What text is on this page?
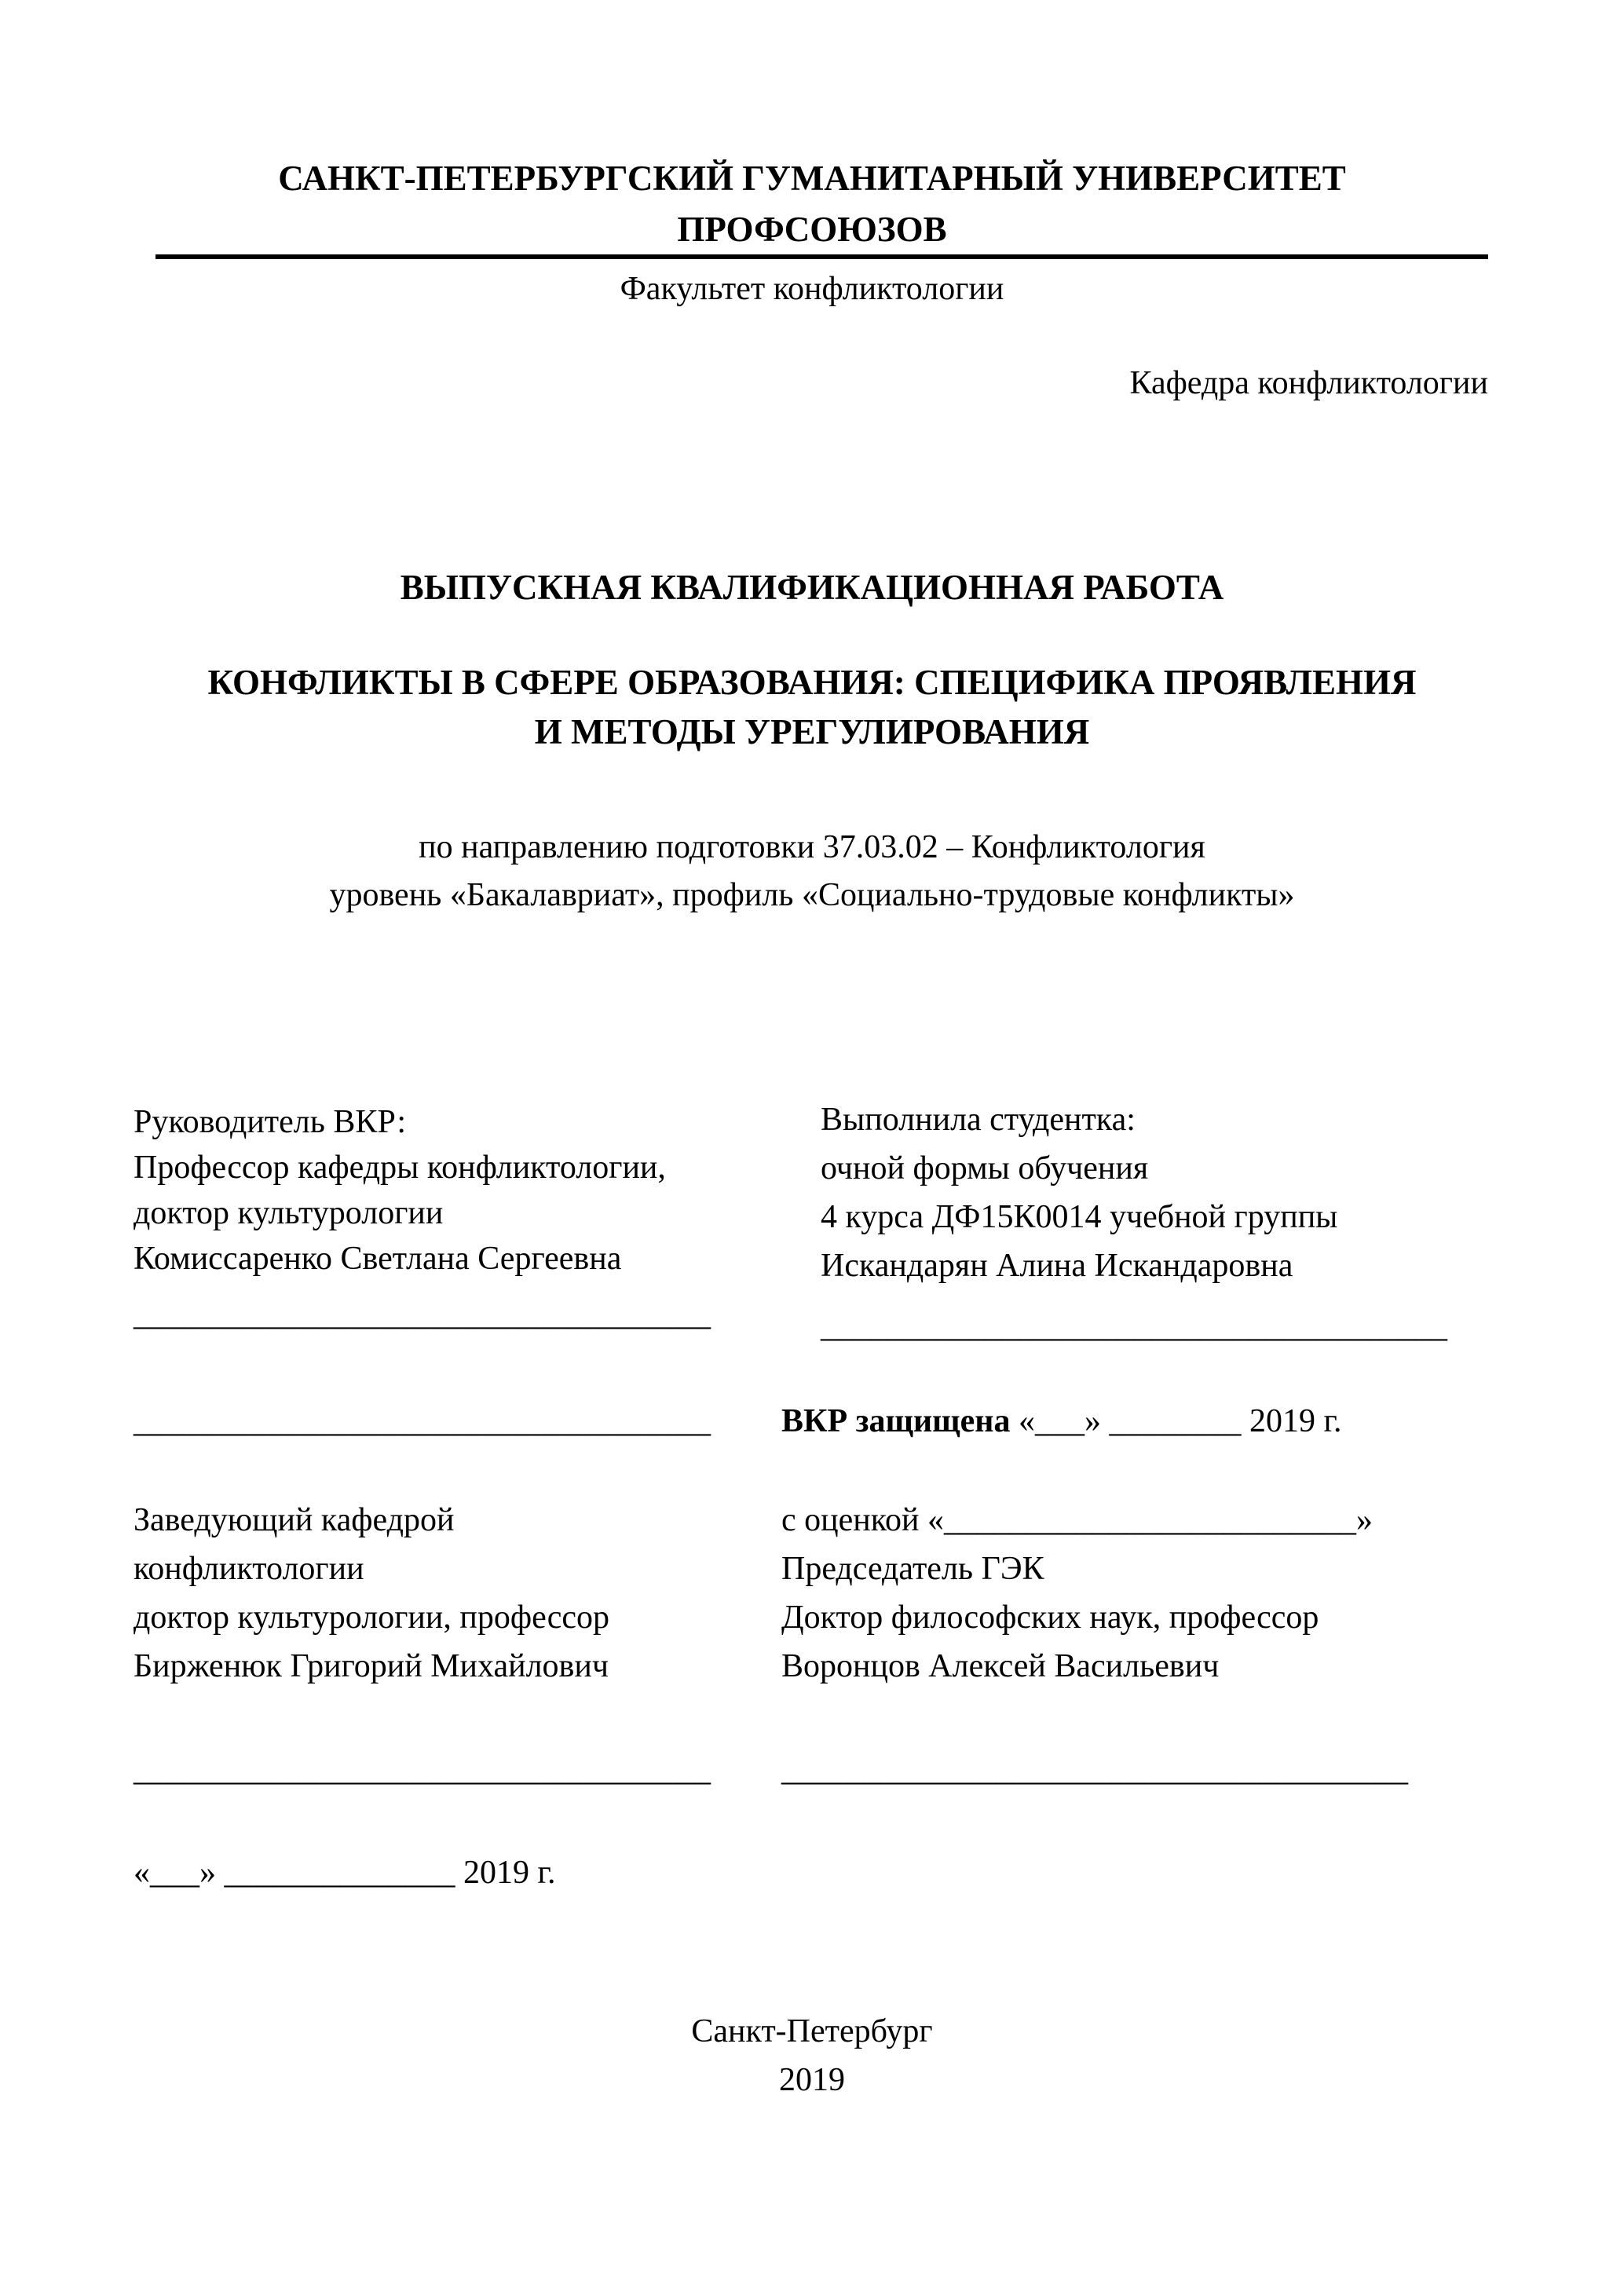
САНКТ-ПЕТЕРБУРГСКИЙ ГУМАНИТАРНЫЙ УНИВЕРСИТЕТ
ПРОФСОЮЗОВ
Факультет конфликтологии
Кафедра конфликтологии
ВЫПУСКНАЯ КВАЛИФИКАЦИОННАЯ РАБОТА
КОНФЛИКТЫ В СФЕРЕ ОБРАЗОВАНИЯ: СПЕЦИФИКА ПРОЯВЛЕНИЯ
И МЕТОДЫ УРЕГУЛИРОВАНИЯ
по направлению подготовки 37.03.02 – Конфликтология
уровень «Бакалавриат», профиль «Социально-трудовые конфликты»
Руководитель ВКР:
Профессор кафедры конфликтологии,
доктор культурологии
Комиссаренко Светлана Сергеевна
___________________________________
Выполнила студентка:
очной формы обучения
4 курса ДФ15К0014 учебной группы
Искандарян Алина Искандаровна
______________________________________
___________________________________ ВКР защищена «___» ________ 2019 г.
Заведующий кафедрой
конфликтологии
доктор культурологии, профессор
Бирженюк Григорий Михайлович
с оценкой «_________________________»
Председатель ГЭК
Доктор философских наук, профессор
Воронцов Алексей Васильевич
___________________________________ ______________________________________
«___» ______________ 2019 г.
Санкт-Петербург
2019
